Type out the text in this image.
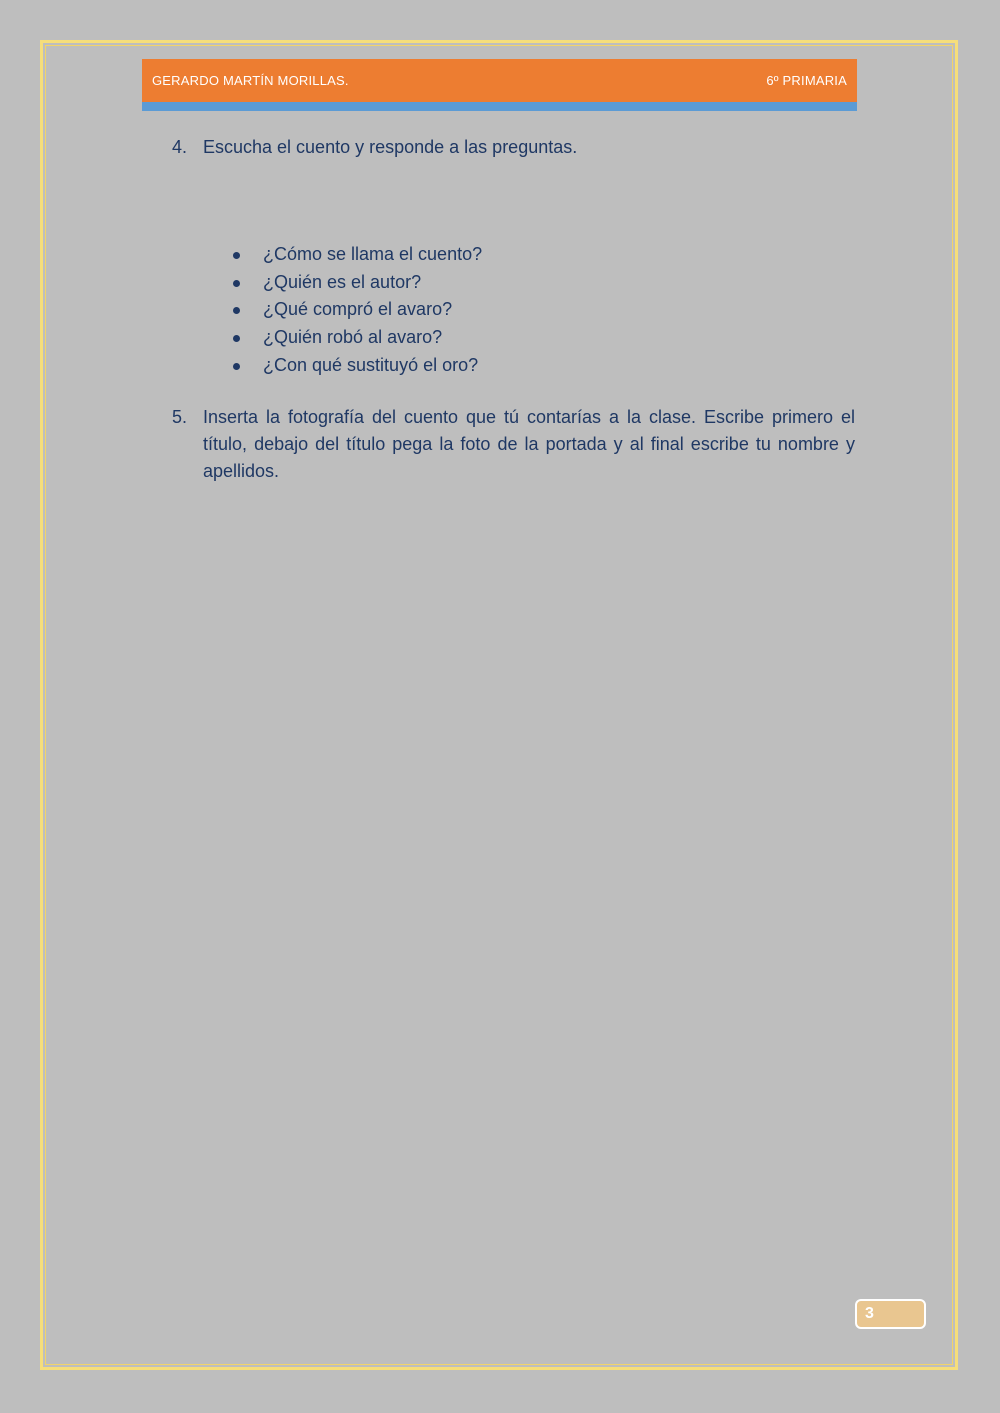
GERARDO MARTÍN MORILLAS.	6º PRIMARIA
4. Escucha el cuento y responde a las preguntas.
¿Cómo se llama el cuento?
¿Quién es el autor?
¿Qué compró el avaro?
¿Quién robó al avaro?
¿Con qué sustituyó el oro?
5. Inserta la fotografía del cuento que tú contarías a la clase. Escribe primero el título, debajo del título pega la foto de la portada y al final escribe tu nombre y apellidos.
3
